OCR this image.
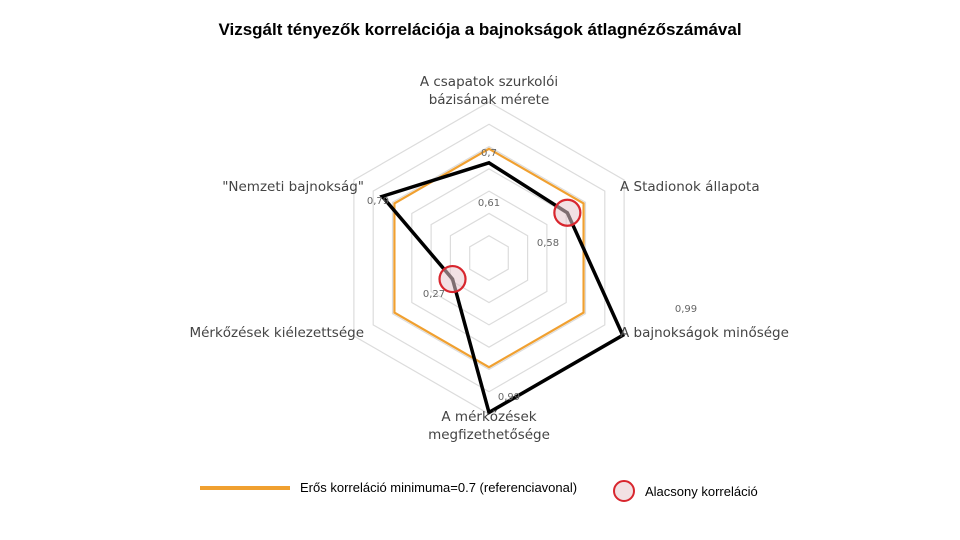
Vizsgált tényezők korrelációja a bajnokságok átlagnézőszámával
A csapatok szurkolói
bázisának mérete
A Stadionok állapota
A bajnokságok minősége
A mérkőzések
megfizethetősége
Mérkőzések kiélezettsége
"Nemzeti bajnokság"
0,7
0,61
0,58
0,99
0,99
0,27
0,79
Erős korreláció minimuma=0.7 (referenciavonal)	Alacsony korreláció
